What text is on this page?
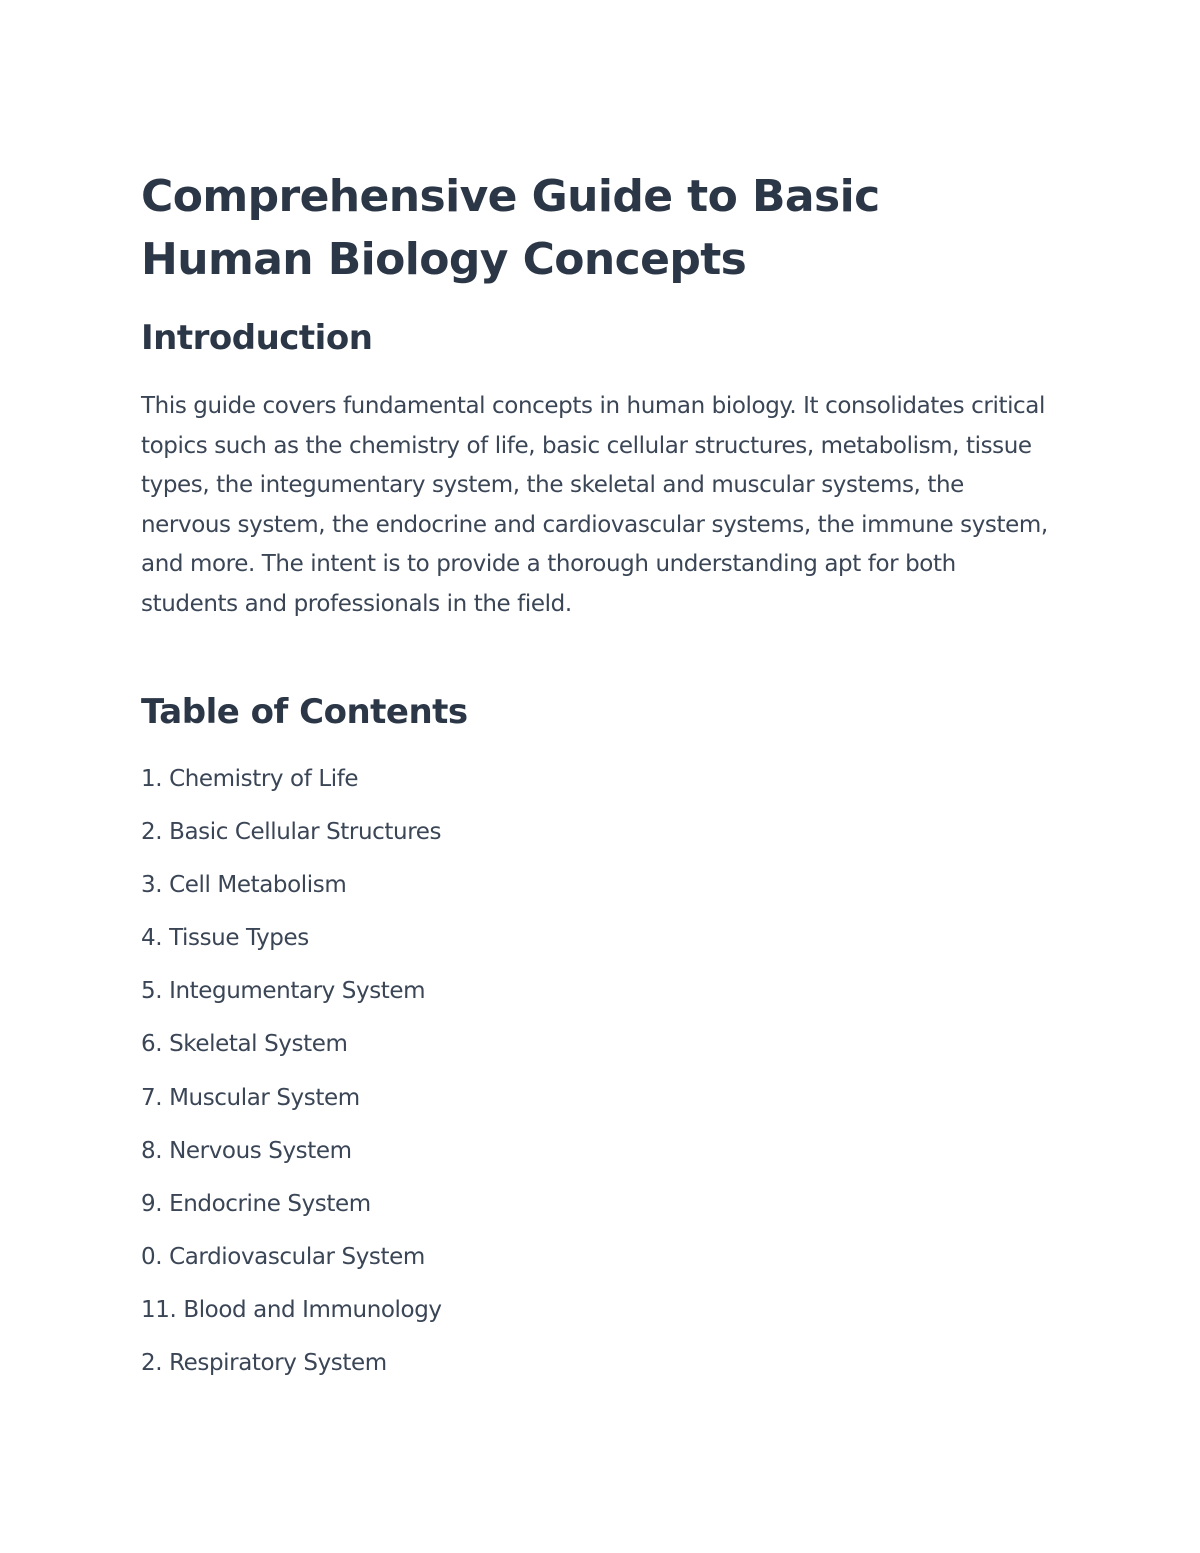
Comprehensive Guide to Basic Human Biology Concepts
Introduction

This guide covers fundamental concepts in human biology. It consolidates critical topics such as the chemistry of life, basic cellular structures, metabolism, tissue types, the integumentary system, the skeletal and muscular systems, the nervous system, the endocrine and cardiovascular systems, the immune system, and more. The intent is to provide a thorough understanding apt for both students and professionals in the field.

Table of Contents
1. Chemistry of Life
2. Basic Cellular Structures
3. Cell Metabolism
4. Tissue Types
5. Integumentary System
6. Skeletal System
7. Muscular System
8. Nervous System
9. Endocrine System
0. Cardiovascular System
11. Blood and Immunology
2. Respiratory System
